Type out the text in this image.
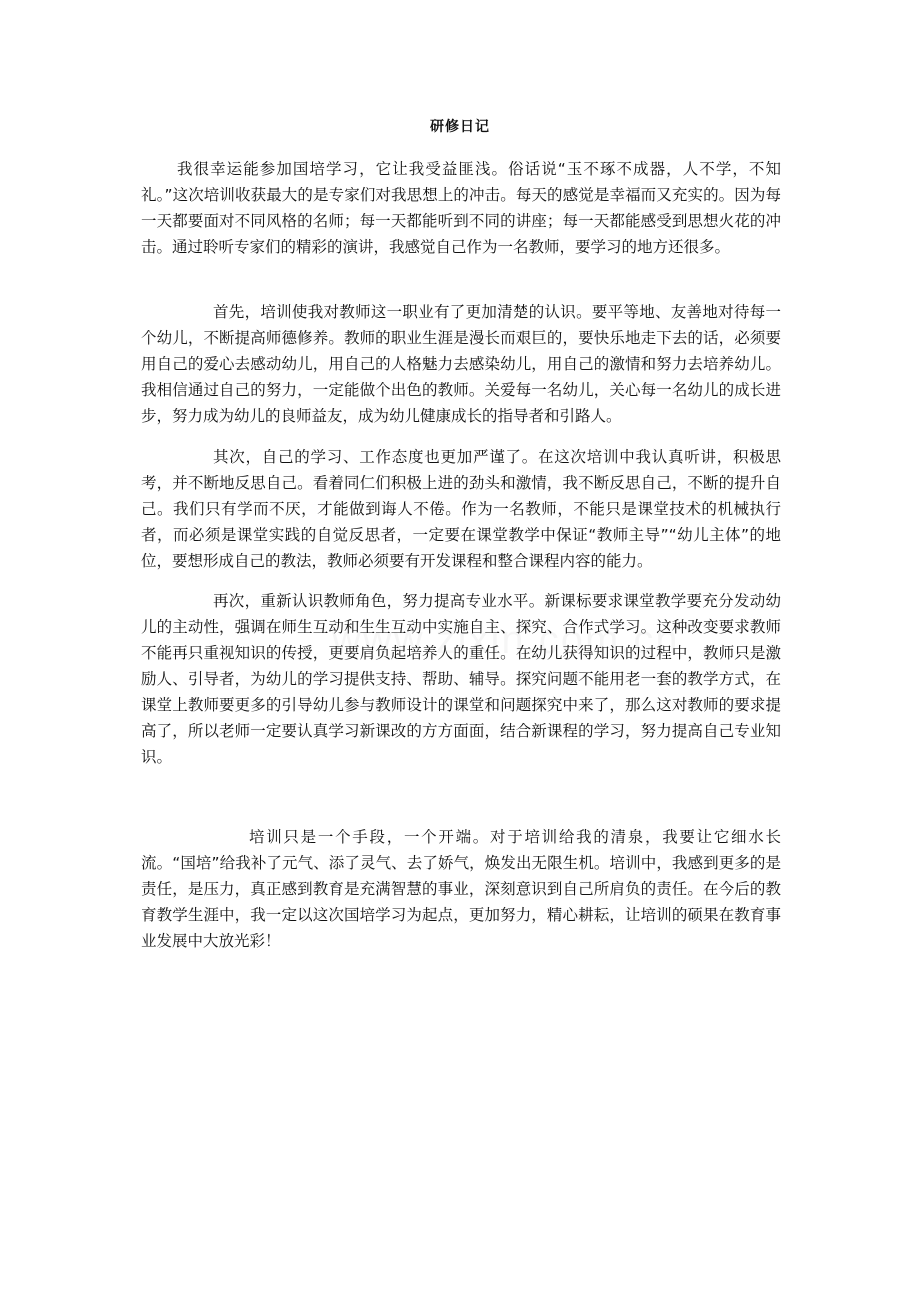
研修日记

我很幸运能参加国培学习，它让我受益匪浅。俗话说“玉不琢不成器，人不学，不知礼。”这次培训收获最大的是专家们对我思想上的冲击。每天的感觉是幸福而又充实的。因为每一天都要面对不同风格的名师；每一天都能听到不同的讲座；每一天都能感受到思想火花的冲击。通过聆听专家们的精彩的演讲，我感觉自己作为一名教师，要学习的地方还很多。

首先，培训使我对教师这一职业有了更加清楚的认识。要平等地、友善地对待每一个幼儿，不断提高师德修养。教师的职业生涯是漫长而艰巨的，要快乐地走下去的话，必须要用自己的爱心去感动幼儿，用自己的人格魅力去感染幼儿，用自己的激情和努力去培养幼儿。我相信通过自己的努力，一定能做个出色的教师。关爱每一名幼儿，关心每一名幼儿的成长进步，努力成为幼儿的良师益友，成为幼儿健康成长的指导者和引路人。

其次，自己的学习、工作态度也更加严谨了。在这次培训中我认真听讲，积极思考，并不断地反思自己。看着同仁们积极上进的劲头和激情，我不断反思自己，不断的提升自己。我们只有学而不厌，才能做到诲人不倦。作为一名教师，不能只是课堂技术的机械执行者，而必须是课堂实践的自觉反思者，一定要在课堂教学中保证“教师主导”“幼儿主体”的地位，要想形成自己的教法，教师必须要有开发课程和整合课程内容的能力。

再次，重新认识教师角色，努力提高专业水平。新课标要求课堂教学要充分发动幼儿的主动性，强调在师生互动和生生互动中实施自主、探究、合作式学习。这种改变要求教师不能再只重视知识的传授，更要肩负起培养人的重任。在幼儿获得知识的过程中，教师只是激励人、引导者，为幼儿的学习提供支持、帮助、辅导。探究问题不能用老一套的教学方式，在课堂上教师要更多的引导幼儿参与教师设计的课堂和问题探究中来了，那么这对教师的要求提高了，所以老师一定要认真学习新课改的方方面面，结合新课程的学习，努力提高自己专业知识。

培训只是一个手段，一个开端。对于培训给我的清泉，我要让它细水长流。“国培”给我补了元气、添了灵气、去了娇气，焕发出无限生机。培训中，我感到更多的是责任，是压力，真正感到教育是充满智慧的事业，深刻意识到自己所肩负的责任。在今后的教育教学生涯中，我一定以这次国培学习为起点，更加努力，精心耕耘，让培训的硕果在教育事业发展中大放光彩！
